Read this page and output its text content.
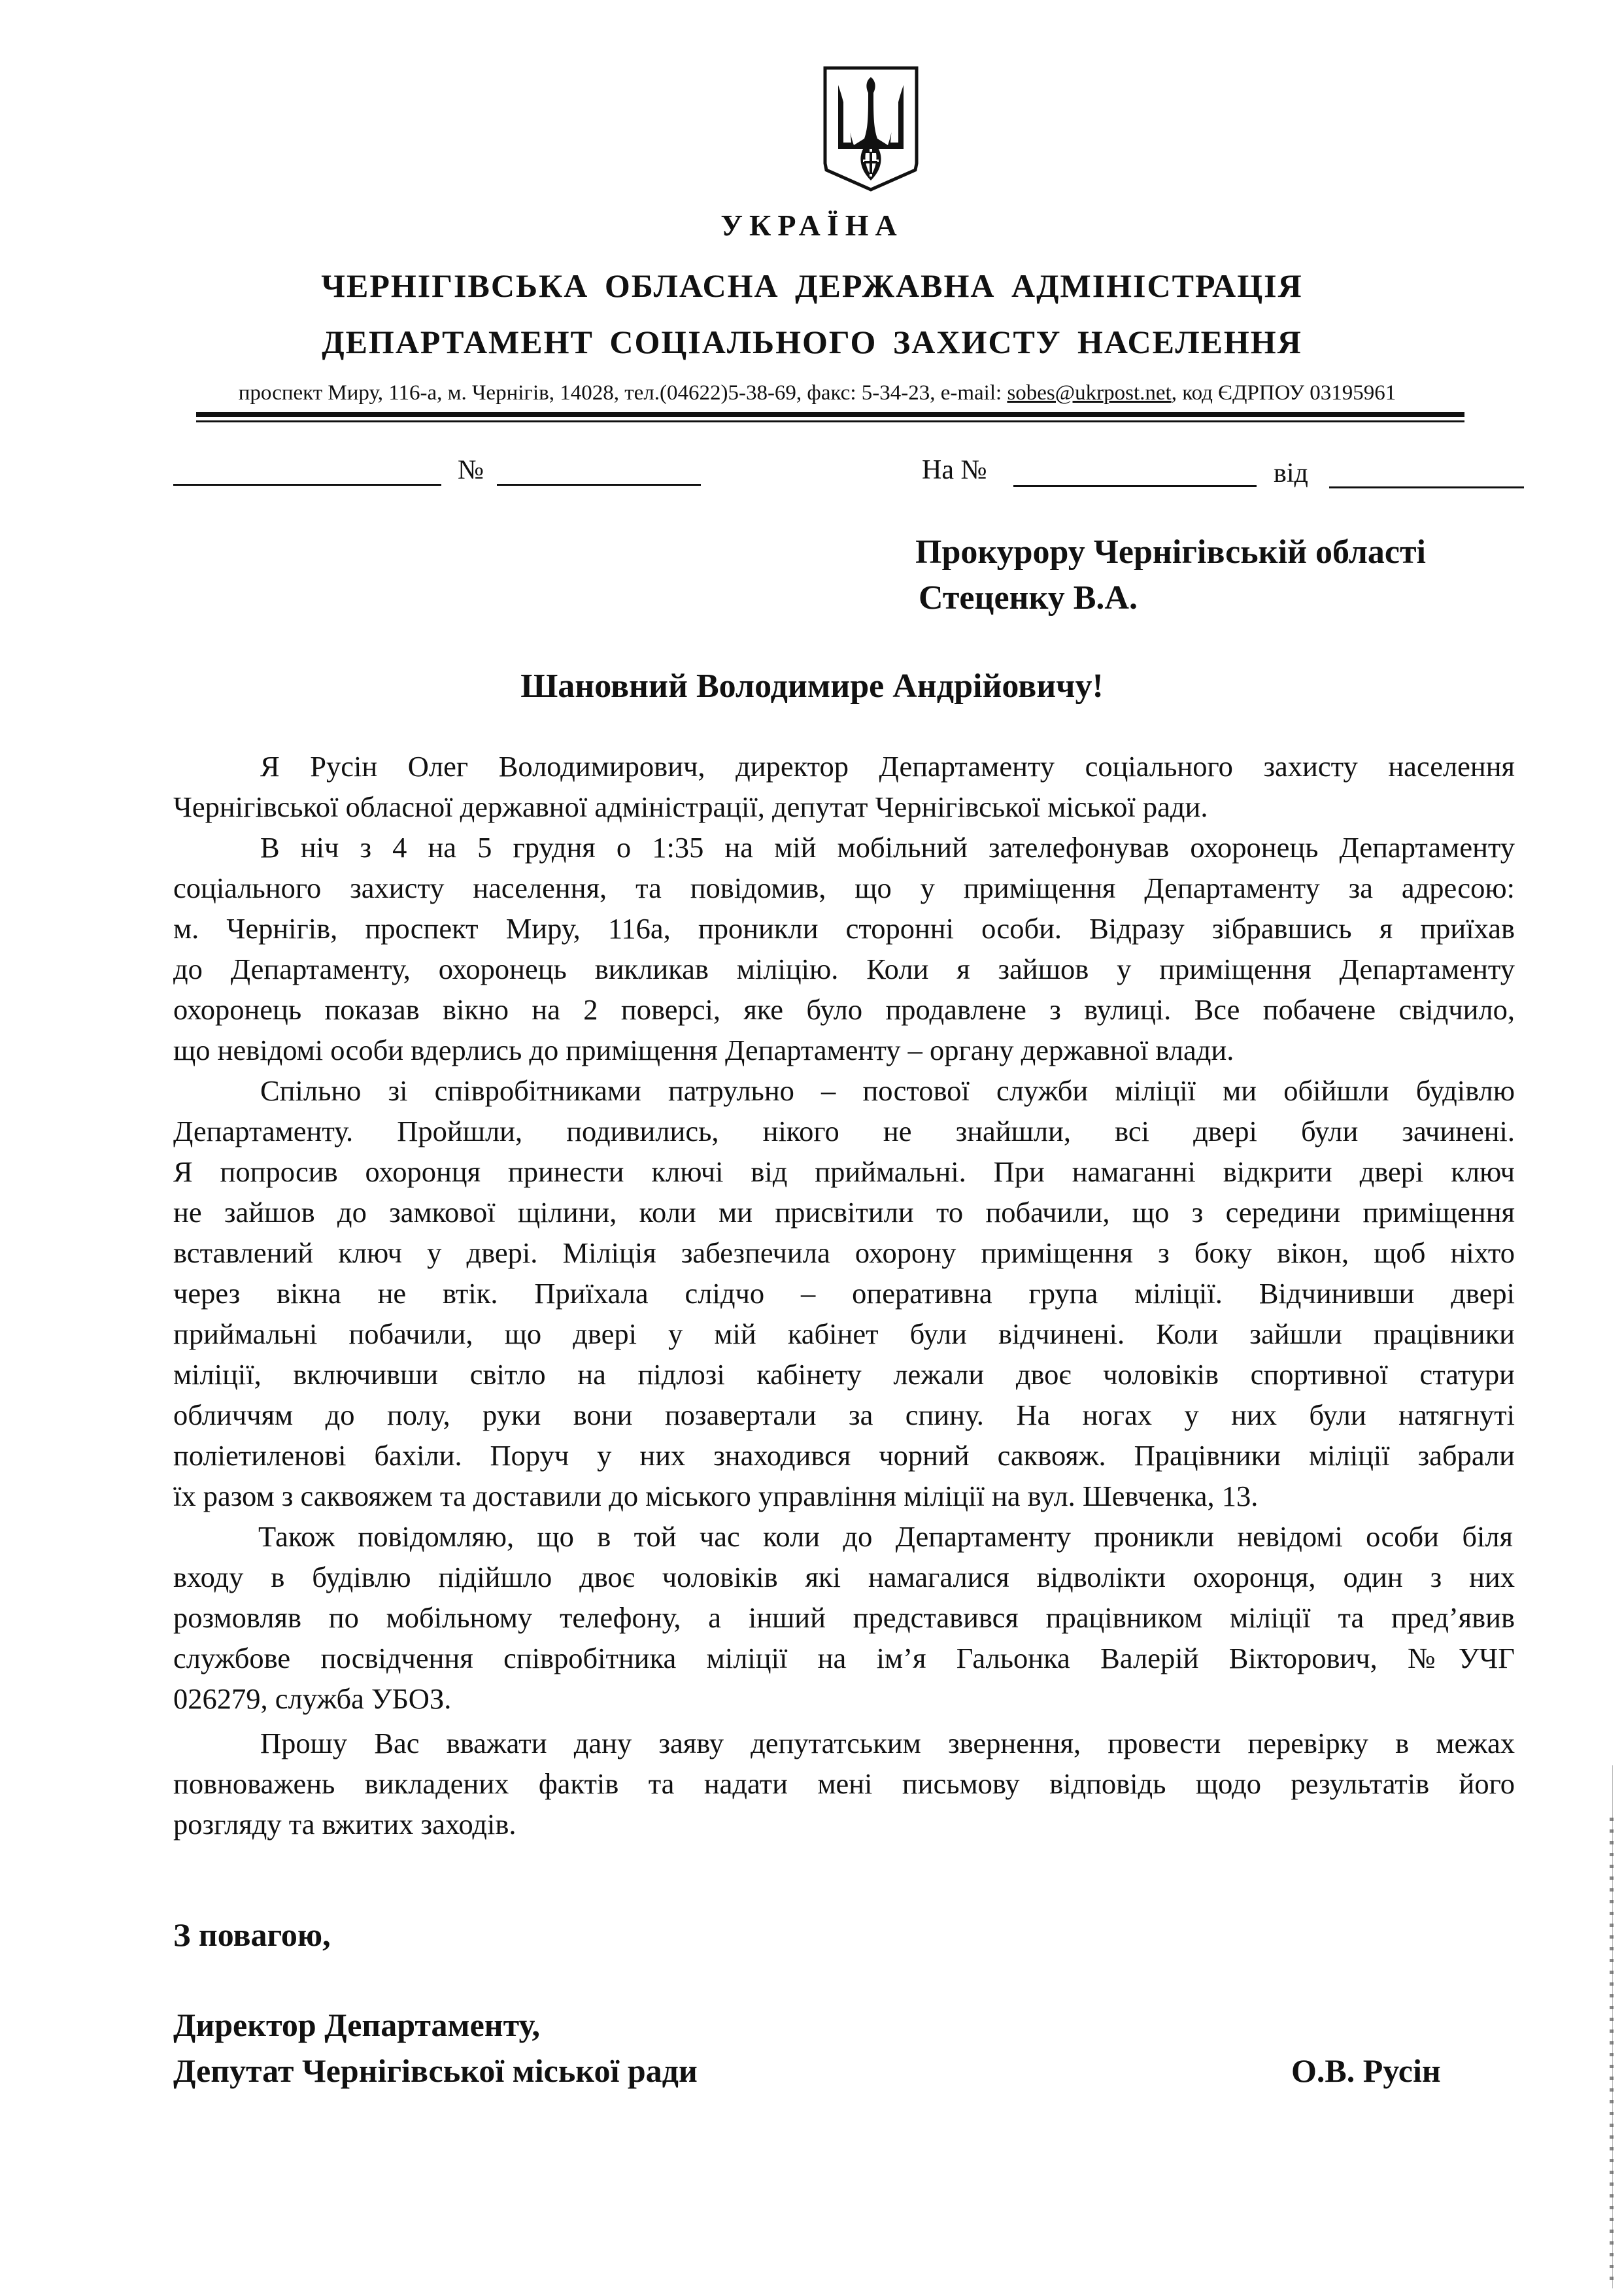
УКРАЇНА
ЧЕРНІГІВСЬКА ОБЛАСНА ДЕРЖАВНА АДМІНІСТРАЦІЯ
ДЕПАРТАМЕНТ СОЦІАЛЬНОГО ЗАХИСТУ НАСЕЛЕННЯ
проспект Миру, 116-а, м. Чернігів, 14028, тел.(04622)5-38-69, факс: 5-34-23, e-mail: sobes@ukrpost.net, код ЄДРПОУ 03195961
№	На №	від
Прокурору Чернігівській області
Стеценку В.А.
Шановний Володимире Андрійовичу!
Я Русін Олег Володимирович, директор Департаменту соціального захисту населення
Чернігівської обласної державної адміністрації, депутат Чернігівської міської ради.
В ніч з 4 на 5 грудня о 1:35 на мій мобільний зателефонував охоронець Департаменту
соціального захисту населення, та повідомив, що у приміщення Департаменту за адресою:
м. Чернігів, проспект Миру, 116а, проникли сторонні особи. Відразу зібравшись я приїхав
до Департаменту, охоронець викликав міліцію. Коли я зайшов у приміщення Департаменту
охоронець показав вікно на 2 поверсі, яке було продавлене з вулиці. Все побачене свідчило,
що невідомі особи вдерлись до приміщення Департаменту – органу державної влади.
Спільно зі співробітниками патрульно – постової служби міліції ми обійшли будівлю
Департаменту. Пройшли, подивились, нікого не знайшли, всі двері були зачинені.
Я попросив охоронця принести ключі від приймальні. При намаганні відкрити двері ключ
не зайшов до замкової щілини, коли ми присвітили то побачили, що з середини приміщення
вставлений ключ у двері. Міліція забезпечила охорону приміщення з боку вікон, щоб ніхто
через вікна не втік. Приїхала слідчо – оперативна група міліції. Відчинивши двері
приймальні побачили, що двері у мій кабінет були відчинені. Коли зайшли працівники
міліції, включивши світло на підлозі кабінету лежали двоє чоловіків спортивної статури
обличчям до полу, руки вони позавертали за спину. На ногах у них були натягнуті
поліетиленові бахіли. Поруч у них знаходився чорний саквояж. Працівники міліції забрали
їх разом з саквояжем та доставили до міського управління міліції на вул. Шевченка, 13.
Також повідомляю, що в той час коли до Департаменту проникли невідомі особи біля
входу в будівлю підійшло двоє чоловіків які намагалися відволікти охоронця, один з них
розмовляв по мобільному телефону, а інший представився працівником міліції та пред’явив
службове посвідчення співробітника міліції на ім’я Гальонка Валерій Вікторович, №УЧГ
026279, служба УБОЗ.
Прошу Вас вважати дану заяву депутатським звернення, провести перевірку в межах
повноважень викладених фактів та надати мені письмову відповідь щодо результатів його
розгляду та вжитих заходів.
З повагою,
Директор Департаменту,
Депутат Чернігівської міської ради	О.В. Русін
